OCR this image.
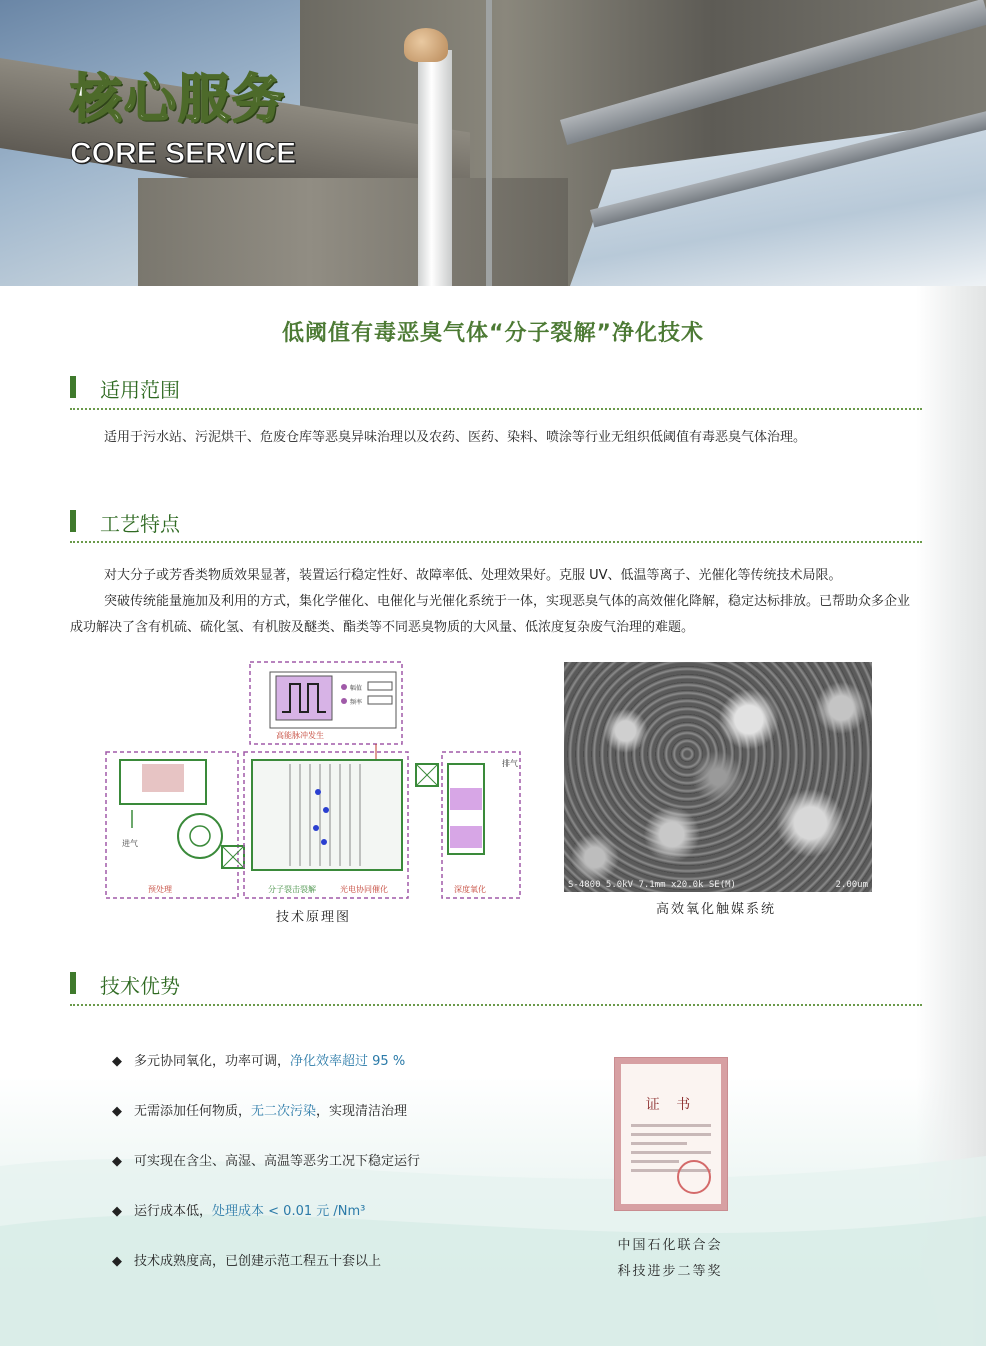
核心服务
CORE SERVICE
低阈值有毒恶臭气体“分子裂解”净化技术
适用范围
适用于污水站、污泥烘干、危废仓库等恶臭异味治理以及农药、医药、染料、喷涂等行业无组织低阈值有毒恶臭气体治理。
工艺特点
对大分子或芳香类物质效果显著，装置运行稳定性好、故障率低、处理效果好。克服 UV、低温等离子、光催化等传统技术局限。
突破传统能量施加及利用的方式，集化学催化、电催化与光催化系统于一体，实现恶臭气体的高效催化降解，稳定达标排放。已帮助众多企业成功解决了含有机硫、硫化氢、有机胺及醚类、酯类等不同恶臭物质的大风量、低浓度复杂废气治理的难题。
幅值
频率
高能脉冲发生
进气
预处理	分子裂击裂解	光电协同催化
排气
深度氧化
技术原理图
S-4800 5.0kV 7.1mm x20.0k SE(M)	2.00um
高效氧化触媒系统
技术优势
◆ 多元协同氧化，功率可调，净化效率超过 95 %
◆ 无需添加任何物质，无二次污染，实现清洁治理
◆ 可实现在含尘、高湿、高温等恶劣工况下稳定运行
◆ 运行成本低，处理成本 < 0.01 元 /Nm³
◆ 技术成熟度高，已创建示范工程五十套以上
证 书
中国石化联合会
科技进步二等奖
